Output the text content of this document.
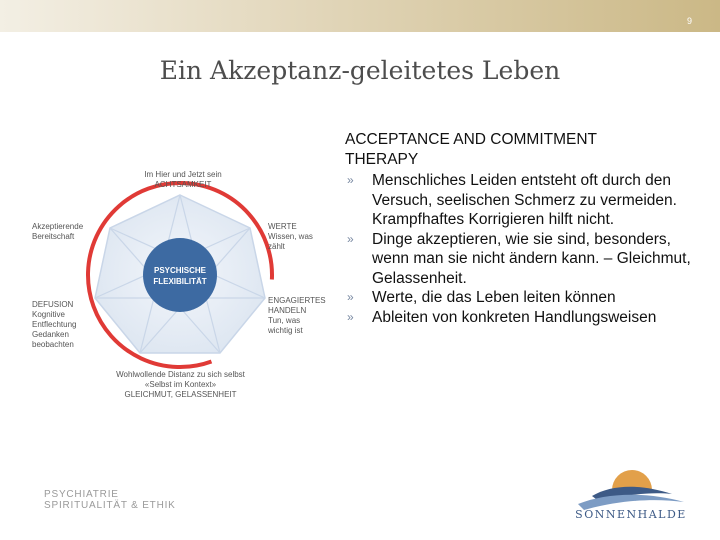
9
Ein Akzeptanz-geleitetes Leben
PSYCHISCHE
FLEXIBILITÄT
Im Hier und Jetzt sein
ACHTSAMKEIT
Akzeptierende
Bereitschaft
DEFUSION
Kognitive
Entflechtung
Gedanken
beobachten
WERTE
Wissen, was
zählt
ENGAGIERTES
HANDELN
Tun, was
wichtig ist
Wohlwollende Distanz zu sich selbst
«Selbst im Kontext»
GLEICHMUT, GELASSENHEIT
ACCEPTANCE AND COMMITMENT
THERAPY
» Menschliches Leiden entsteht oft durch den Versuch, seelischen Schmerz zu vermeiden. Krampfhaftes Korrigieren hilft nicht.
» Dinge akzeptieren, wie sie sind, besonders, wenn man sie nicht ändern kann. – Gleichmut, Gelassenheit.
» Werte, die das Leben leiten können
» Ableiten von konkreten Handlungsweisen
PSYCHIATRIE
SPIRITUALITÄT & ETHIK
SONNENHALDE
